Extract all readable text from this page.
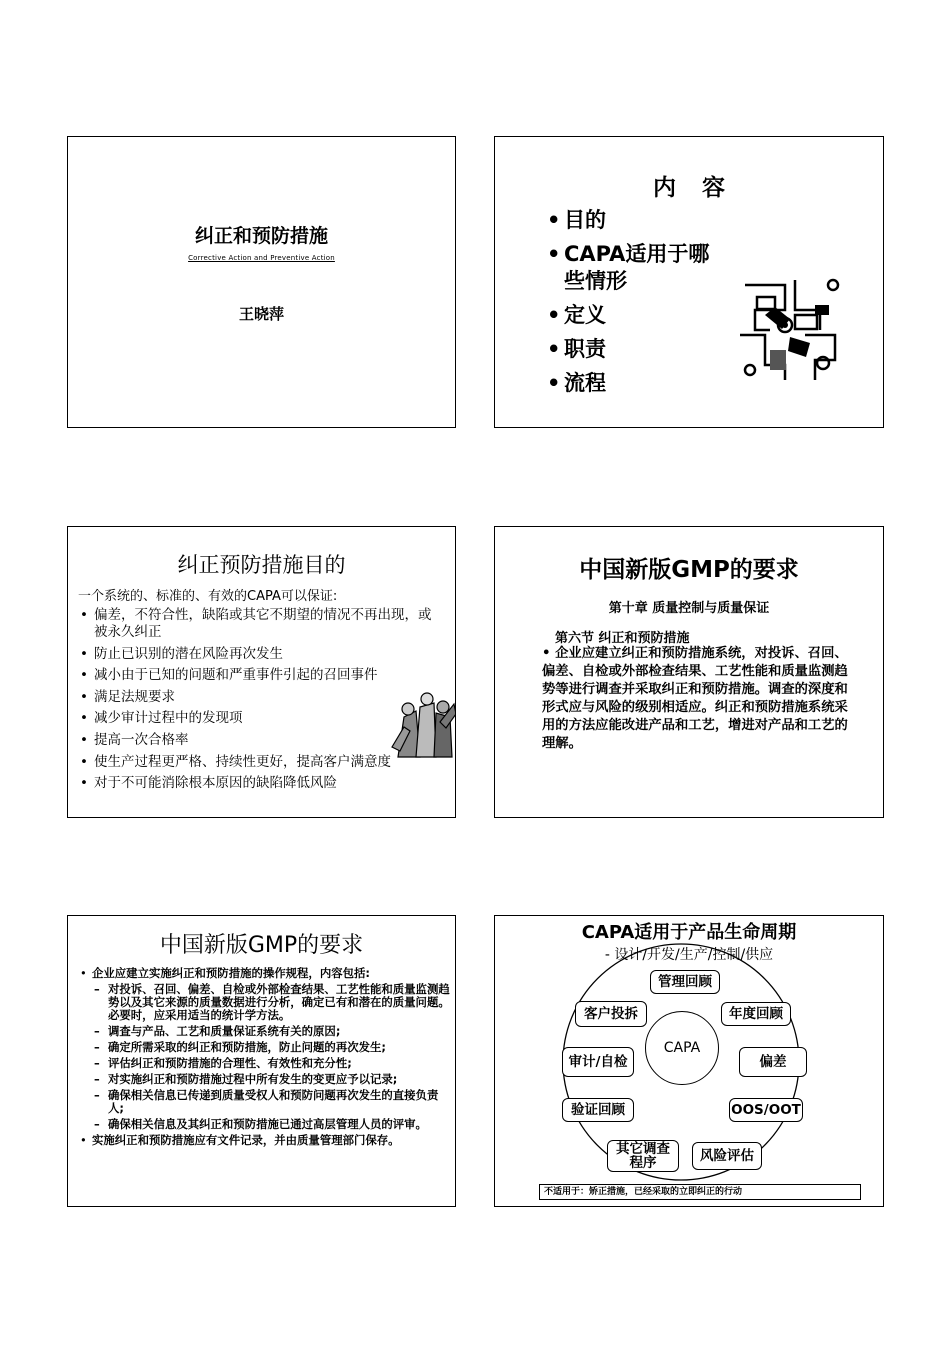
纠正和预防措施
Corrective Action and Preventive Action
王晓萍
内容
• 目的
• CAPA适用于哪些情形
• 定义
• 职责
• 流程
纠正预防措施目的
一个系统的、标准的、有效的CAPA可以保证:
• 偏差，不符合性，缺陷或其它不期望的情况不再出现，或被永久纠正
• 防止已识别的潜在风险再次发生
• 减小由于已知的问题和严重事件引起的召回事件
• 满足法规要求
• 减少审计过程中的发现项
• 提高一次合格率
• 使生产过程更严格、持续性更好，提高客户满意度
• 对于不可能消除根本原因的缺陷降低风险
中国新版GMP的要求
第十章 质量控制与质量保证
第六节 纠正和预防措施
• 企业应建立纠正和预防措施系统，对投诉、召回、偏差、自检或外部检查结果、工艺性能和质量监测趋势等进行调查并采取纠正和预防措施。调查的深度和形式应与风险的级别相适应。纠正和预防措施系统采用的方法应能改进产品和工艺，增进对产品和工艺的理解。
中国新版GMP的要求
• 企业应建立实施纠正和预防措施的操作规程，内容包括:
– 对投诉、召回、偏差、自检或外部检查结果、工艺性能和质量监测趋势以及其它来源的质量数据进行分析，确定已有和潜在的质量问题。必要时，应采用适当的统计学方法。
– 调查与产品、工艺和质量保证系统有关的原因;
– 确定所需采取的纠正和预防措施，防止问题的再次发生;
– 评估纠正和预防措施的合理性、有效性和充分性;
– 对实施纠正和预防措施过程中所有发生的变更应予以记录;
– 确保相关信息已传递到质量受权人和预防问题再次发生的直接负责人;
– 确保相关信息及其纠正和预防措施已通过高层管理人员的评审。
• 实施纠正和预防措施应有文件记录，并由质量管理部门保存。
CAPA适用于产品生命周期
- 设计/开发/生产/控制/供应
CAPA
管理回顾
年度回顾
偏差
OOS/OOT
风险评估
其它调查程序
验证回顾
审计/自检
客户投拆
不适用于：矫正措施，已经采取的立即纠正的行动
